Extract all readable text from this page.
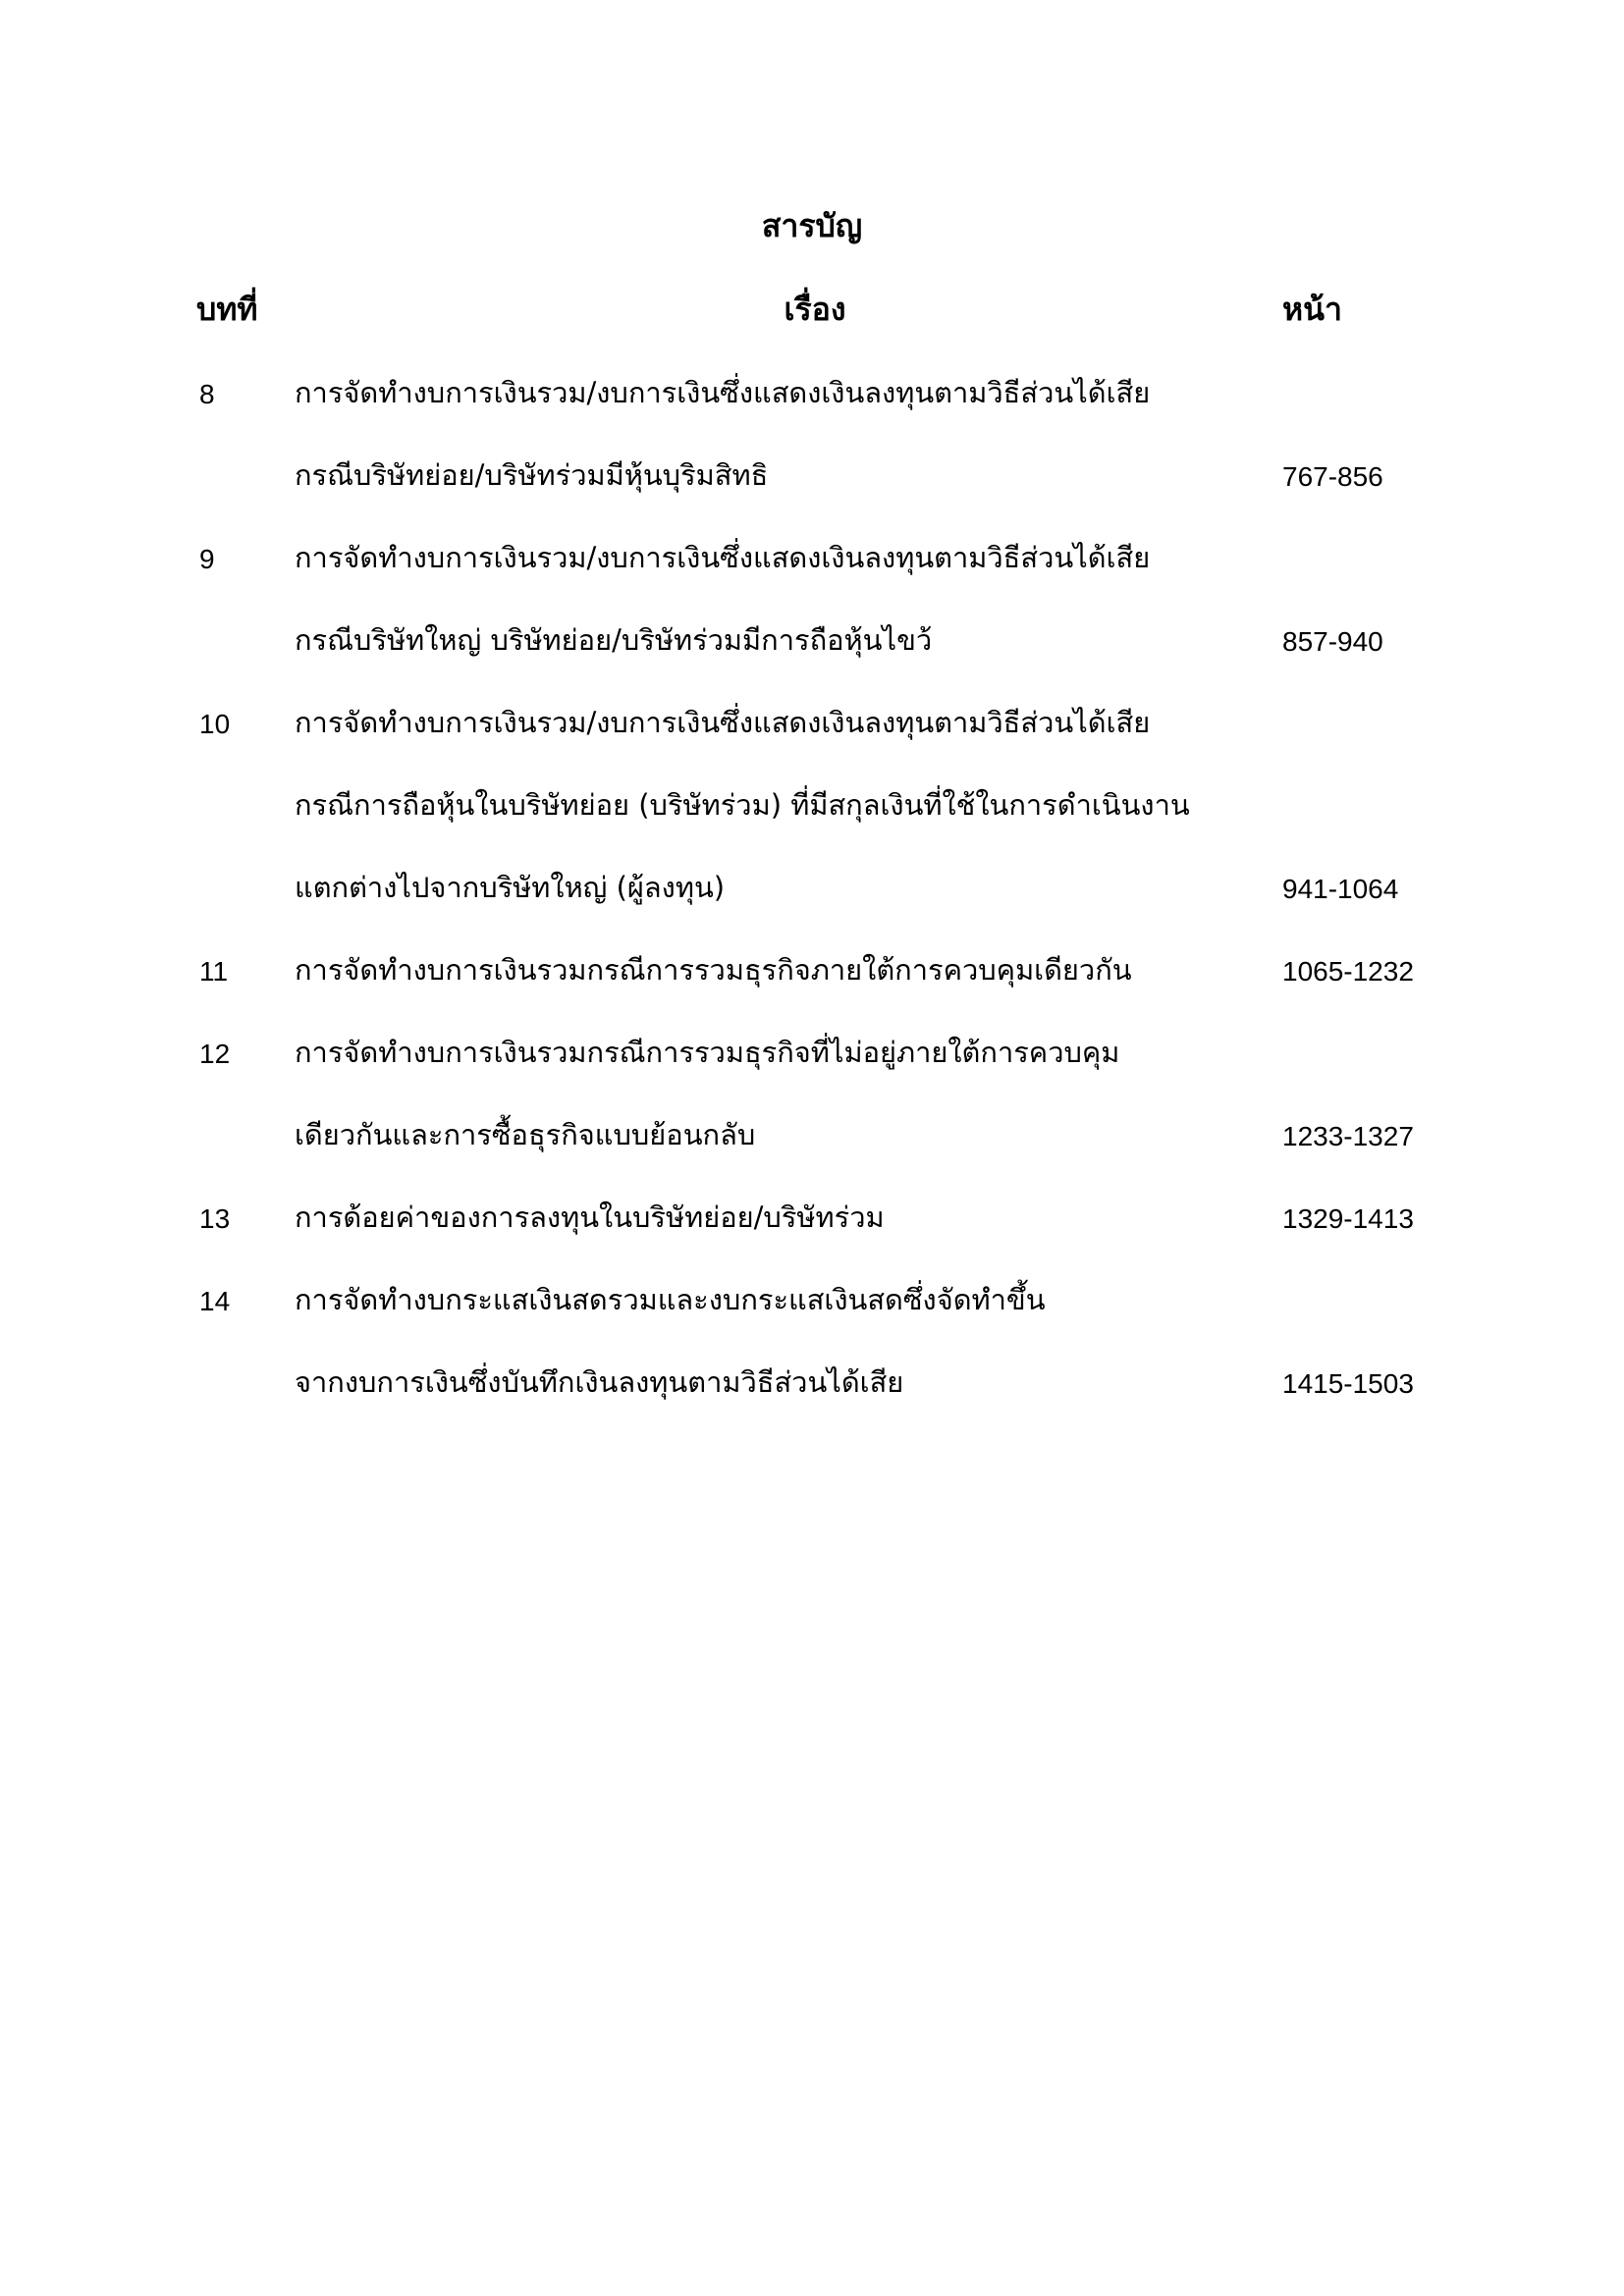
สารบัญ
บทที่	เรื่อง	หน้า
8	การจัดทำงบการเงินรวม/งบการเงินซึ่งแสดงเงินลงทุนตามวิธีส่วนได้เสีย
กรณีบริษัทย่อย/บริษัทร่วมมีหุ้นบุริมสิทธิ	767-856
9	การจัดทำงบการเงินรวม/งบการเงินซึ่งแสดงเงินลงทุนตามวิธีส่วนได้เสีย
กรณีบริษัทใหญ่ บริษัทย่อย/บริษัทร่วมมีการถือหุ้นไขว้	857-940
10 การจัดทำงบการเงินรวม/งบการเงินซึ่งแสดงเงินลงทุนตามวิธีส่วนได้เสีย
กรณีการถือหุ้นในบริษัทย่อย (บริษัทร่วม) ที่มีสกุลเงินที่ใช้ในการดำเนินงาน
แตกต่างไปจากบริษัทใหญ่ (ผู้ลงทุน)	941-1064
11 การจัดทำงบการเงินรวมกรณีการรวมธุรกิจภายใต้การควบคุมเดียวกัน	1065-1232
12 การจัดทำงบการเงินรวมกรณีการรวมธุรกิจที่ไม่อยู่ภายใต้การควบคุม
เดียวกันและการซื้อธุรกิจแบบย้อนกลับ	1233-1327
13 การด้อยค่าของการลงทุนในบริษัทย่อย/บริษัทร่วม	1329-1413
14 การจัดทำงบกระแสเงินสดรวมและงบกระแสเงินสดซึ่งจัดทำขึ้น
จากงบการเงินซึ่งบันทึกเงินลงทุนตามวิธีส่วนได้เสีย	1415-1503
